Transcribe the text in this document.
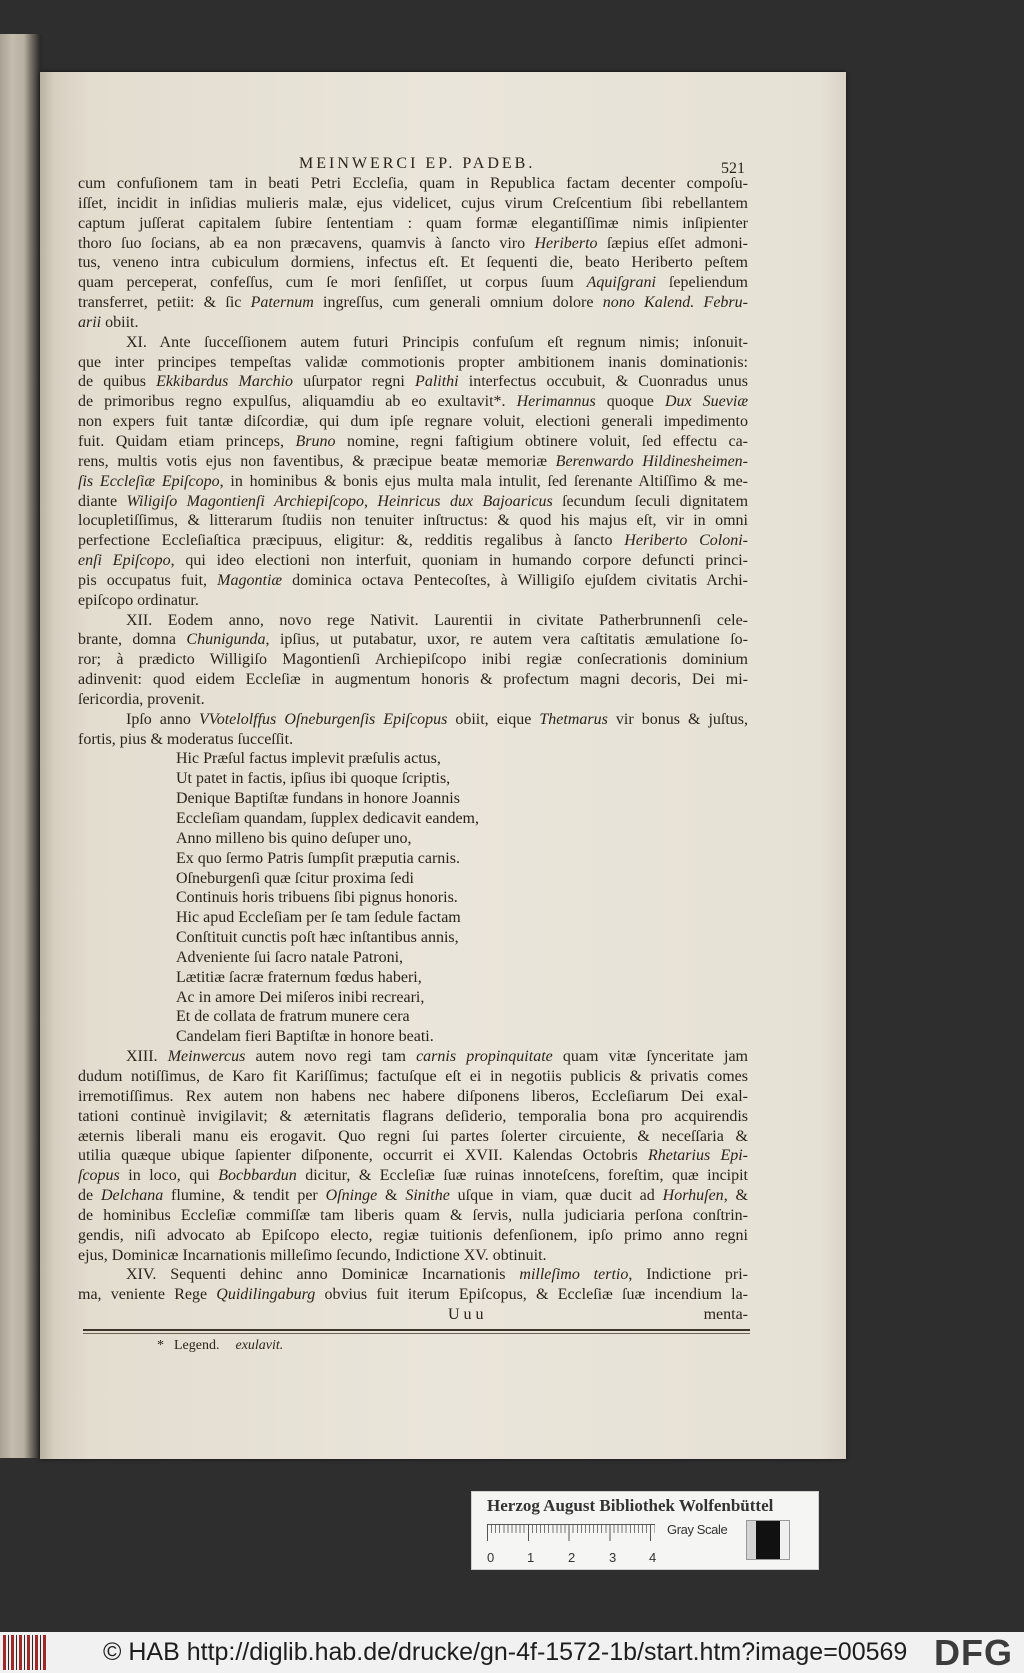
MEINWERCI EP. PADEB.	521
cum confuſionem tam in beati Petri Eccleſia, quam in Republica factam decenter compoſu-
iſſet, incidit in inſidias mulieris malæ, ejus videlicet, cujus virum Creſcentium ſibi rebellantem
captum juſſerat capitalem ſubire ſententiam : quam formæ elegantiſſimæ nimis inſipienter
thoro ſuo ſocians, ab ea non præcavens, quamvis à ſancto viro Heriberto ſæpius eſſet admoni-
tus, veneno intra cubiculum dormiens, infectus eſt. Et ſequenti die, beato Heriberto peſtem
quam perceperat, confeſſus, cum ſe mori ſenſiſſet, ut corpus ſuum Aquiſgrani ſepeliendum
transferret, petiit: & ſic Paternum ingreſſus, cum generali omnium dolore nono Kalend. Febru-
arii obiit.
XI. Ante ſucceſſionem autem futuri Principis confuſum eſt regnum nimis; inſonuit-
que inter principes tempeſtas validæ commotionis propter ambitionem inanis dominationis:
de quibus Ekkibardus Marchio uſurpator regni Palithi interfectus occubuit, & Cuonradus unus
de primoribus regno expulſus, aliquamdiu ab eo exultavit*. Herimannus quoque Dux Sueviæ
non expers fuit tantæ diſcordiæ, qui dum ipſe regnare voluit, electioni generali impedimento
fuit. Quidam etiam princeps, Bruno nomine, regni faſtigium obtinere voluit, ſed effectu ca-
rens, multis votis ejus non faventibus, & præcipue beatæ memoriæ Berenwardo Hildinesheimen-
ſis Eccleſiæ Epiſcopo, in hominibus & bonis ejus multa mala intulit, ſed ſerenante Altiſſimo & me-
diante Wiligiſo Magontienſi Archiepiſcopo, Heinricus dux Bajoaricus ſecundum ſeculi dignitatem
locupletiſſimus, & litterarum ſtudiis non tenuiter inſtructus: & quod his majus eſt, vir in omni
perfectione Eccleſiaſtica præcipuus, eligitur: &, redditis regalibus à ſancto Heriberto Coloni-
enſi Epiſcopo, qui ideo electioni non interfuit, quoniam in humando corpore defuncti princi-
pis occupatus fuit, Magontiæ dominica octava Pentecoſtes, à Willigiſo ejuſdem civitatis Archi-
epiſcopo ordinatur.
XII. Eodem anno, novo rege Nativit. Laurentii in civitate Patherbrunnenſi cele-
brante, domna Chunigunda, ipſius, ut putabatur, uxor, re autem vera caſtitatis æmulatione ſo-
ror; à prædicto Willigiſo Magontienſi Archiepiſcopo inibi regiæ conſecrationis dominium
adinvenit: quod eidem Eccleſiæ in augmentum honoris & profectum magni decoris, Dei mi-
ſericordia, provenit.
Ipſo anno VVotelolffus Oſneburgenſis Epiſcopus obiit, eique Thetmarus vir bonus & juſtus,
fortis, pius & moderatus ſucceſſit.
Hic Præſul factus implevit præſulis actus,
Ut patet in factis, ipſius ibi quoque ſcriptis,
Denique Baptiſtæ fundans in honore Joannis
Eccleſiam quandam, ſupplex dedicavit eandem,
Anno milleno bis quino deſuper uno,
Ex quo ſermo Patris ſumpſit præputia carnis.
Oſneburgenſi quæ ſcitur proxima ſedi
Continuis horis tribuens ſibi pignus honoris.
Hic apud Eccleſiam per ſe tam ſedule factam
Conſtituit cunctis poſt hæc inſtantibus annis,
Adveniente ſui ſacro natale Patroni,
Lætitiæ ſacræ fraternum fœdus haberi,
Ac in amore Dei miſeros inibi recreari,
Et de collata de fratrum munere cera
Candelam fieri Baptiſtæ in honore beati.
XIII. Meinwercus autem novo regi tam carnis propinquitate quam vitæ ſynceritate jam
dudum notiſſimus, de Karo fit Kariſſimus; factuſque eſt ei in negotiis publicis & privatis comes
irremotiſſimus. Rex autem non habens nec habere diſponens liberos, Eccleſiarum Dei exal-
tationi continuè invigilavit; & æternitatis flagrans deſiderio, temporalia bona pro acquirendis
æternis liberali manu eis erogavit. Quo regni ſui partes ſolerter circuiente, & neceſſaria &
utilia quæque ubique ſapienter diſponente, occurrit ei XVII. Kalendas Octobris Rhetarius Epi-
ſcopus in loco, qui Bocbbardun dicitur, & Eccleſiæ ſuæ ruinas innoteſcens, foreſtim, quæ incipit
de Delchana flumine, & tendit per Oſninge & Sinithe uſque in viam, quæ ducit ad Horhuſen, &
de hominibus Eccleſiæ commiſſæ tam liberis quam & ſervis, nulla judiciaria perſona conſtrin-
gendis, niſi advocato ab Epiſcopo electo, regiæ tuitionis defenſionem, ipſo primo anno regni
ejus, Dominicæ Incarnationis milleſimo ſecundo, Indictione XV. obtinuit.
XIV. Sequenti dehinc anno Dominicæ Incarnationis milleſimo tertio, Indictione pri-
ma, veniente Rege Quidilingaburg obvius fuit iterum Epiſcopus, & Eccleſiæ ſuæ incendium la-
Uuu	menta-
* Legend. exulavit.
Herzog August Bibliothek Wolfenbüttel
0	1	2	3	4
Gray Scale
© HAB http://diglib.hab.de/drucke/gn-4f-1572-1b/start.htm?image=00569 DFG
